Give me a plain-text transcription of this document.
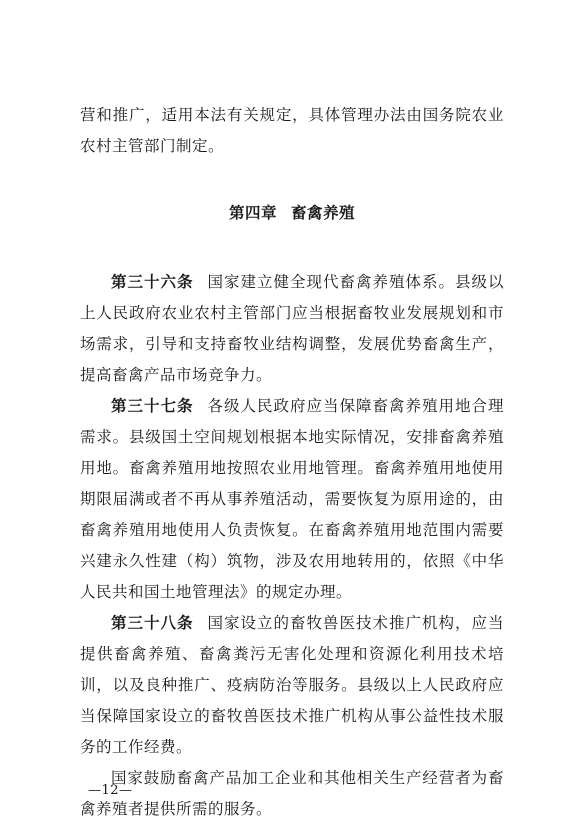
营和推广，适用本法有关规定，具体管理办法由国务院农业农村主管部门制定。

第四章 畜禽养殖

第三十六条 国家建立健全现代畜禽养殖体系。县级以上人民政府农业农村主管部门应当根据畜牧业发展规划和市场需求，引导和支持畜牧业结构调整，发展优势畜禽生产，提高畜禽产品市场竞争力。

第三十七条 各级人民政府应当保障畜禽养殖用地合理需求。县级国土空间规划根据本地实际情况，安排畜禽养殖用地。畜禽养殖用地按照农业用地管理。畜禽养殖用地使用期限届满或者不再从事养殖活动，需要恢复为原用途的，由畜禽养殖用地使用人负责恢复。在畜禽养殖用地范围内需要兴建永久性建（构）筑物，涉及农用地转用的，依照《中华人民共和国土地管理法》的规定办理。

第三十八条 国家设立的畜牧兽医技术推广机构，应当提供畜禽养殖、畜禽粪污无害化处理和资源化利用技术培训，以及良种推广、疫病防治等服务。县级以上人民政府应当保障国家设立的畜牧兽医技术推广机构从事公益性技术服务的工作经费。

国家鼓励畜禽产品加工企业和其他相关生产经营者为畜禽养殖者提供所需的服务。

—12—
